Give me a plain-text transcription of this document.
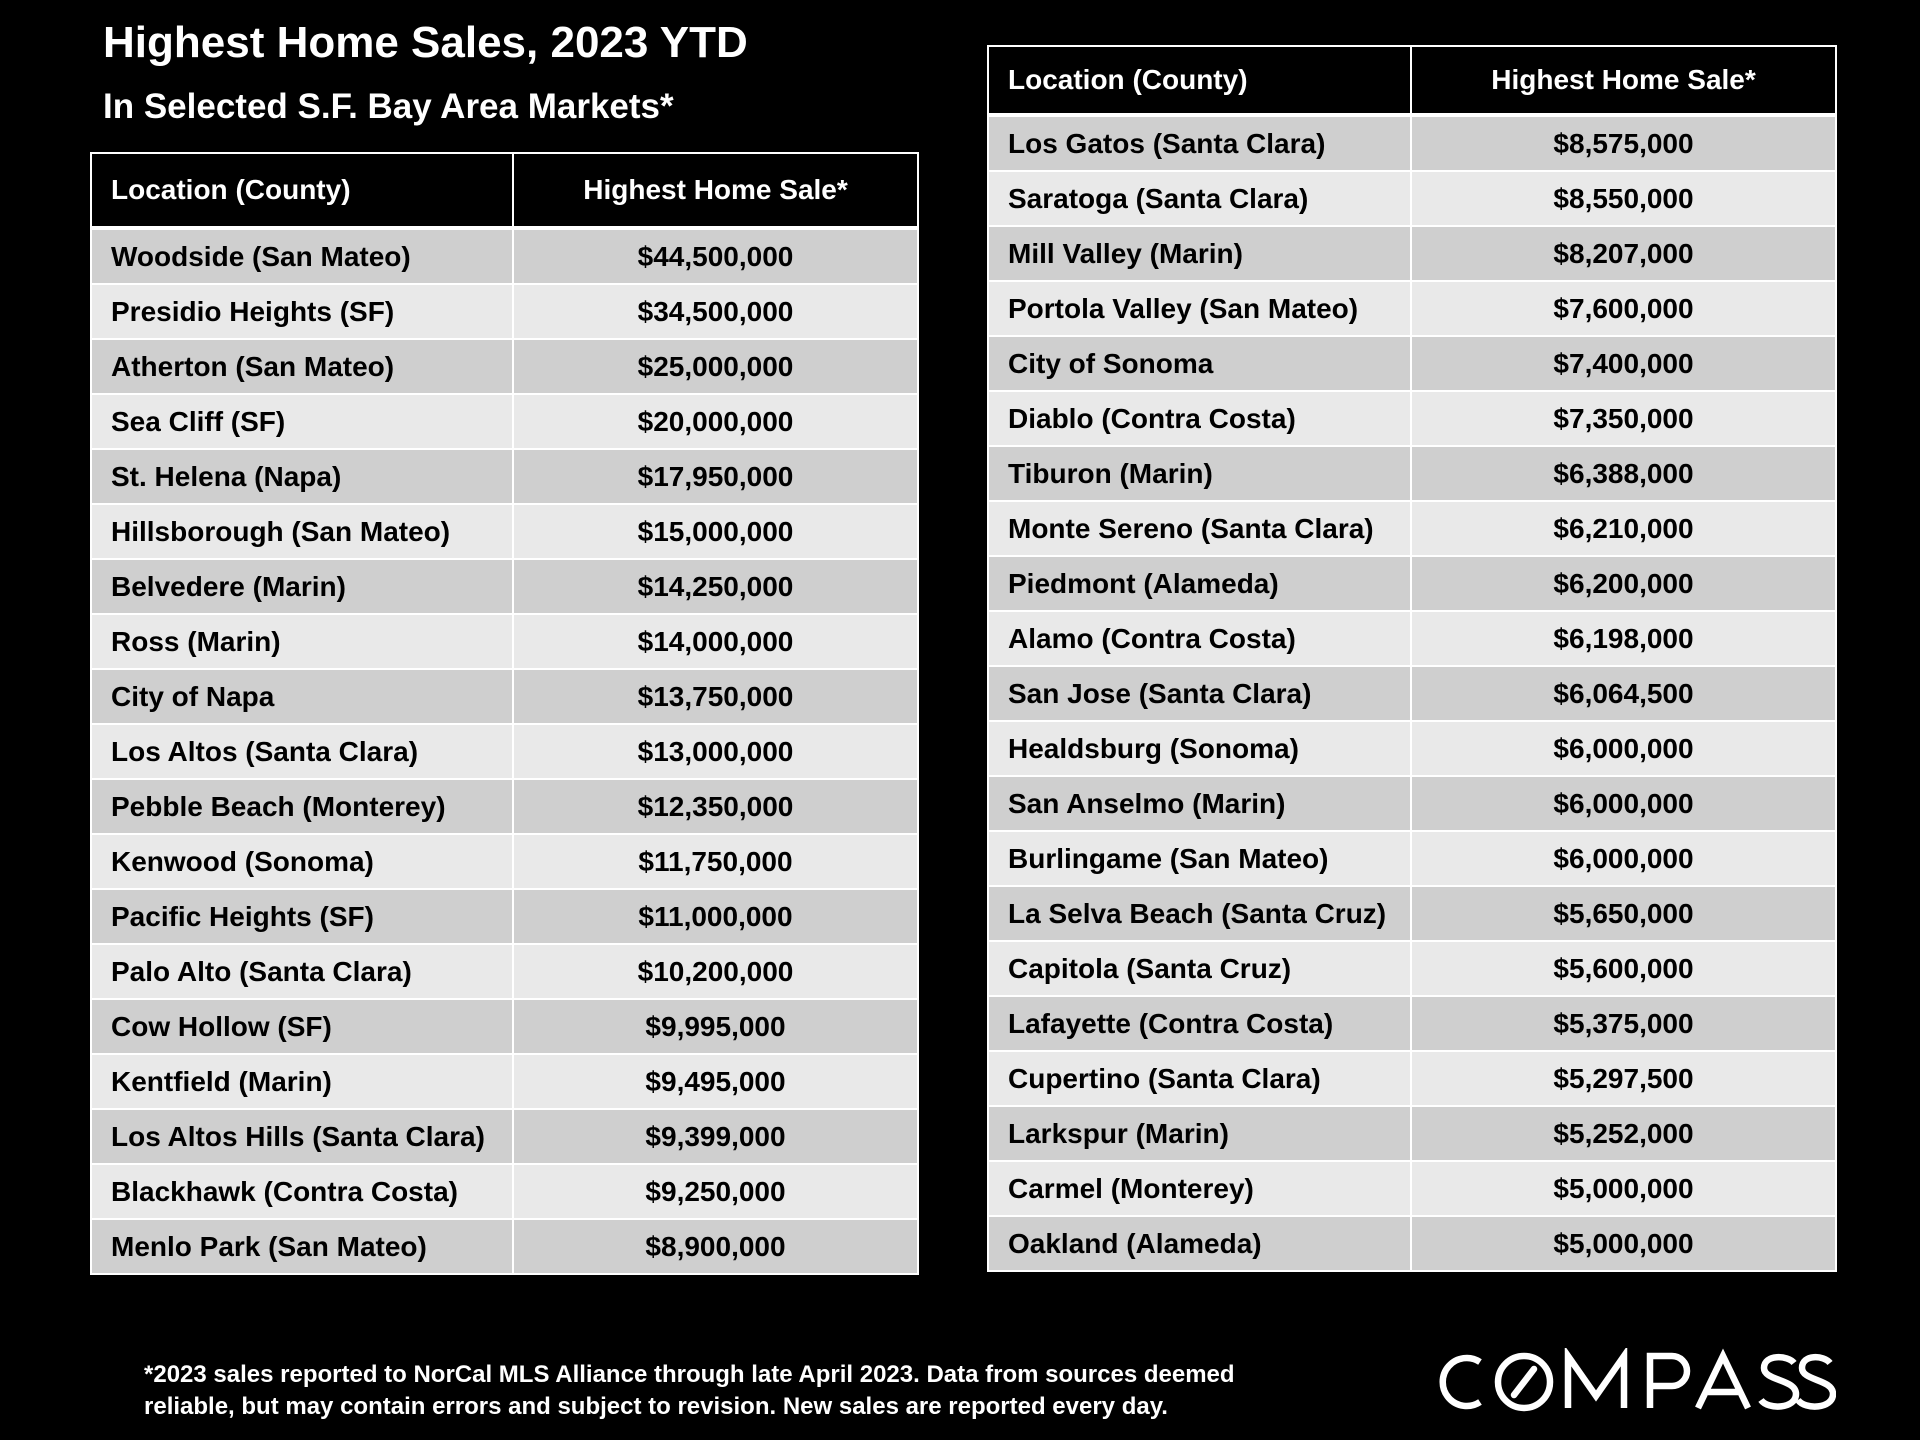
Highest Home Sales, 2023 YTD
In Selected S.F. Bay Area Markets*
Location (County)	Highest Home Sale*
Woodside (San Mateo)	$44,500,000
Presidio Heights (SF)	$34,500,000
Atherton (San Mateo)	$25,000,000
Sea Cliff (SF)	$20,000,000
St. Helena (Napa)	$17,950,000
Hillsborough (San Mateo)	$15,000,000
Belvedere (Marin)	$14,250,000
Ross (Marin)	$14,000,000
City of Napa	$13,750,000
Los Altos (Santa Clara)	$13,000,000
Pebble Beach (Monterey)	$12,350,000
Kenwood (Sonoma)	$11,750,000
Pacific Heights (SF)	$11,000,000
Palo Alto (Santa Clara)	$10,200,000
Cow Hollow (SF)	$9,995,000
Kentfield (Marin)	$9,495,000
Los Altos Hills (Santa Clara)	$9,399,000
Blackhawk (Contra Costa)	$9,250,000
Menlo Park (San Mateo)	$8,900,000
Location (County)	Highest Home Sale*
Los Gatos (Santa Clara)	$8,575,000
Saratoga (Santa Clara)	$8,550,000
Mill Valley (Marin)	$8,207,000
Portola Valley (San Mateo)	$7,600,000
City of Sonoma	$7,400,000
Diablo (Contra Costa)	$7,350,000
Tiburon (Marin)	$6,388,000
Monte Sereno (Santa Clara)	$6,210,000
Piedmont (Alameda)	$6,200,000
Alamo (Contra Costa)	$6,198,000
San Jose (Santa Clara)	$6,064,500
Healdsburg (Sonoma)	$6,000,000
San Anselmo (Marin)	$6,000,000
Burlingame (San Mateo)	$6,000,000
La Selva Beach (Santa Cruz)	$5,650,000
Capitola (Santa Cruz)	$5,600,000
Lafayette (Contra Costa)	$5,375,000
Cupertino (Santa Clara)	$5,297,500
Larkspur (Marin)	$5,252,000
Carmel (Monterey)	$5,000,000
Oakland (Alameda)	$5,000,000

*2023 sales reported to NorCal MLS Alliance through late April 2023. Data from sources deemed
reliable, but may contain errors and subject to revision. New sales are reported every day.
